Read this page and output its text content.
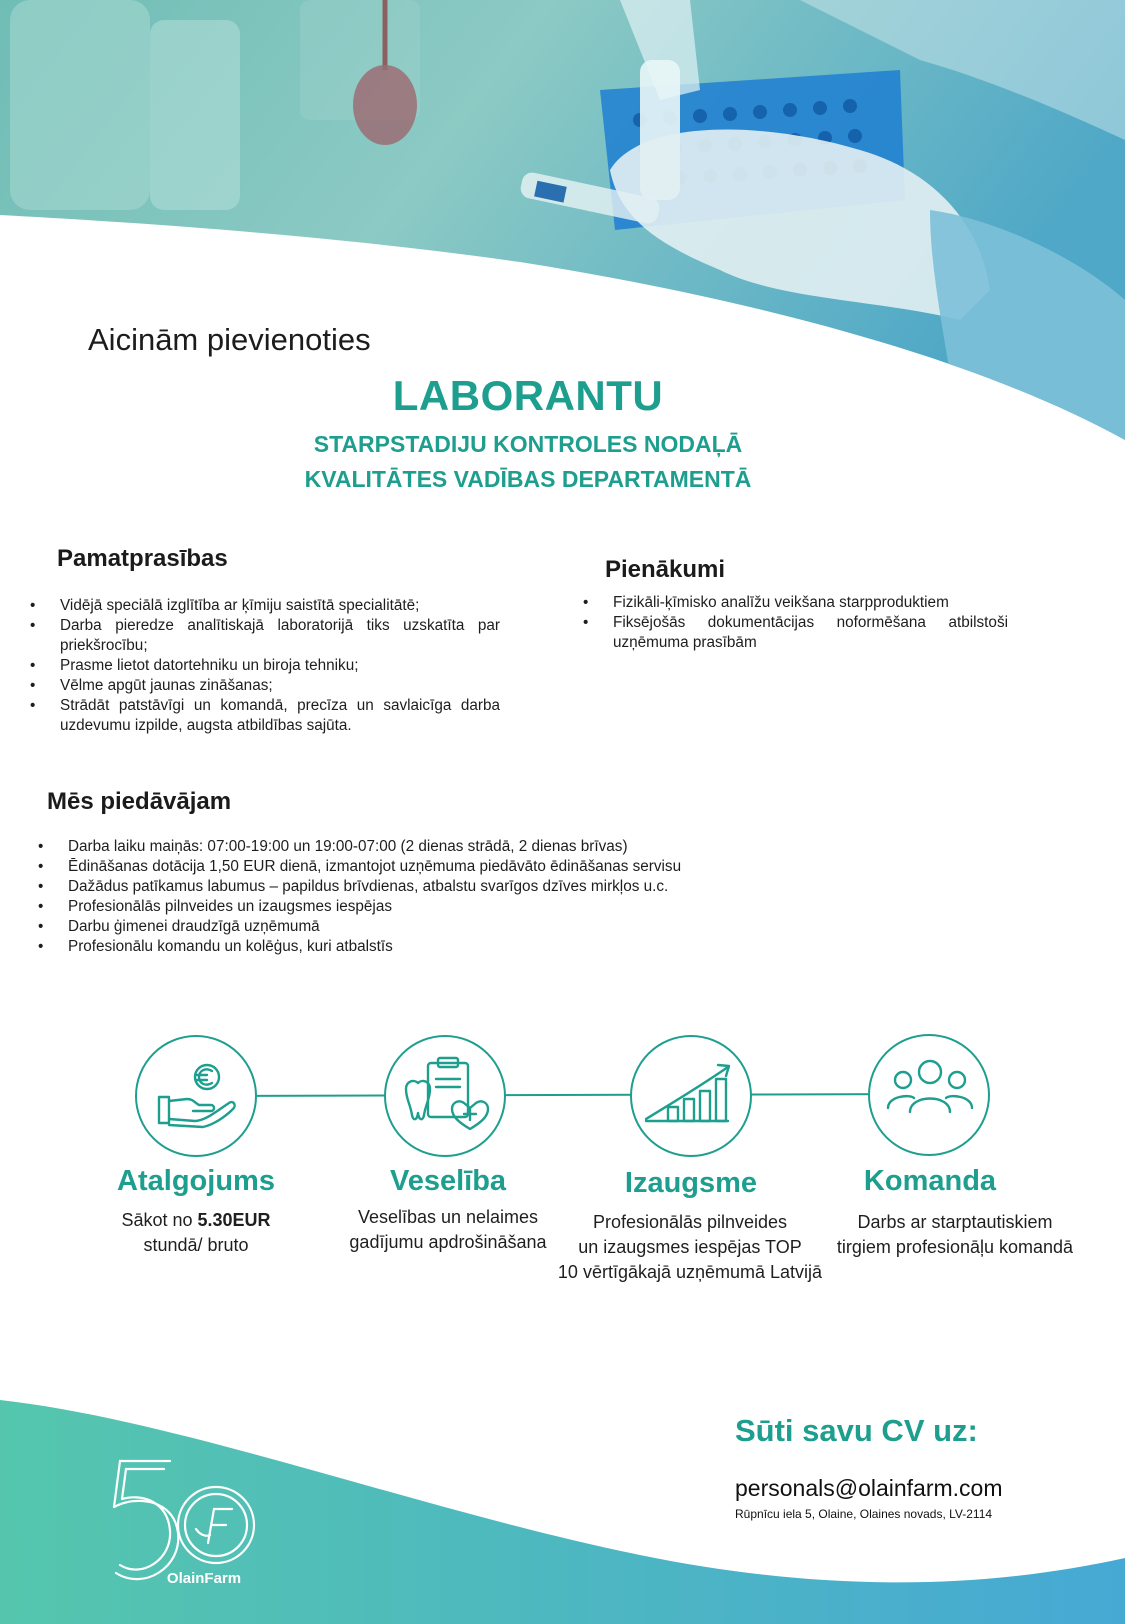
Aicinām pievienoties
LABORANTU
STARPSTADIJU KONTROLES NODAĻĀ
KVALITĀTES VADĪBAS DEPARTAMENTĀ
Pamatprasības
• Vidējā speciālā izglītība ar ķīmiju saistītā specialitātē;
• Darba pieredze analītiskajā laboratorijā tiks uzskatīta par priekšrocību;
• Prasme lietot datortehniku un biroja tehniku;
• Vēlme apgūt jaunas zināšanas;
• Strādāt patstāvīgi un komandā, precīza un savlaicīga darba uzdevumu izpilde, augsta atbildības sajūta.
Pienākumi
• Fizikāli-ķīmisko analīžu veikšana starpproduktiem
• Fiksējošās dokumentācijas noformēšana atbilstoši uzņēmuma prasībām
Mēs piedāvājam
• Darba laiku maiņās: 07:00-19:00 un 19:00-07:00 (2 dienas strādā, 2 dienas brīvas)
• Ēdināšanas dotācija 1,50 EUR dienā, izmantojot uzņēmuma piedāvāto ēdināšanas servisu
• Dažādus patīkamus labumus – papildus brīvdienas, atbalstu svarīgos dzīves mirkļos u.c.
• Profesionālās pilnveides un izaugsmes iespējas
• Darbu ģimenei draudzīgā uzņēmumā
• Profesionālu komandu un kolēģus, kuri atbalstīs
Atalgojums
Sākot no 5.30EUR
stundā/ bruto
Veselība
Veselības un nelaimes
gadījumu apdrošināšana
Izaugsme
Profesionālās pilnveides
un izaugsmes iespējas TOP
10 vērtīgākajā uzņēmumā Latvijā
Komanda
Darbs ar starptautiskiem
tirgiem profesionāļu komandā
OlainFarm
Sūti savu CV uz:
personals@olainfarm.com
Rūpnīcu iela 5, Olaine, Olaines novads, LV-2114
